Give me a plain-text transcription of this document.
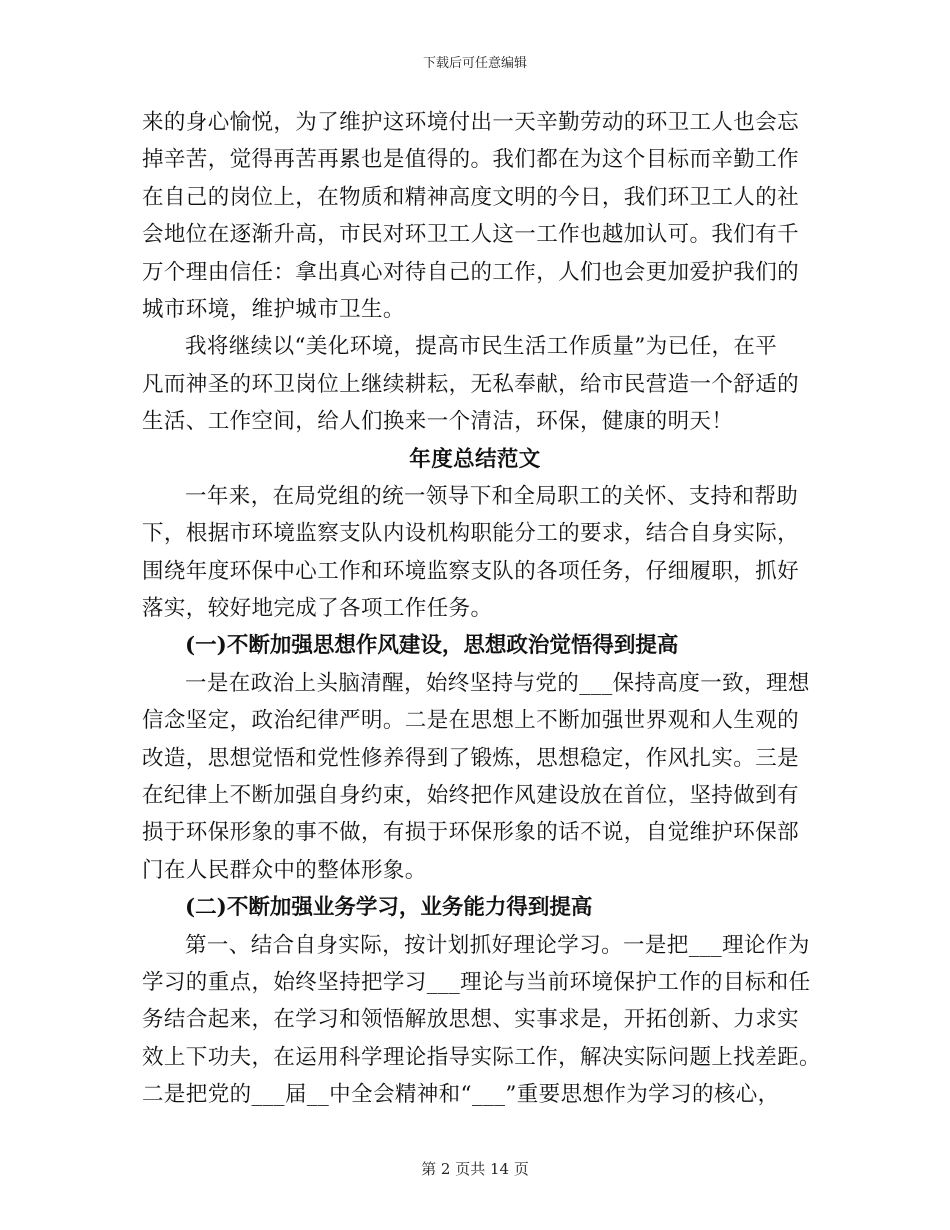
下载后可任意编辑
来的身心愉悦，为了维护这环境付出一天辛勤劳动的环卫工人也会忘
掉辛苦，觉得再苦再累也是值得的。我们都在为这个目标而辛勤工作
在自己的岗位上，在物质和精神高度文明的今日，我们环卫工人的社
会地位在逐渐升高，市民对环卫工人这一工作也越加认可。我们有千
万个理由信任：拿出真心对待自己的工作，人们也会更加爱护我们的
城市环境，维护城市卫生。
我将继续以“美化环境，提高市民生活工作质量”为已任，在平
凡而神圣的环卫岗位上继续耕耘，无私奉献，给市民营造一个舒适的
生活、工作空间，给人们换来一个清洁，环保，健康的明天！
年度总结范文
一年来，在局党组的统一领导下和全局职工的关怀、支持和帮助
下，根据市环境监察支队内设机构职能分工的要求，结合自身实际，
围绕年度环保中心工作和环境监察支队的各项任务，仔细履职，抓好
落实，较好地完成了各项工作任务。
(一)不断加强思想作风建设，思想政治觉悟得到提高
一是在政治上头脑清醒，始终坚持与党的___保持高度一致，理想
信念坚定，政治纪律严明。二是在思想上不断加强世界观和人生观的
改造，思想觉悟和党性修养得到了锻炼，思想稳定，作风扎实。三是
在纪律上不断加强自身约束，始终把作风建设放在首位，坚持做到有
损于环保形象的事不做，有损于环保形象的话不说，自觉维护环保部
门在人民群众中的整体形象。
(二)不断加强业务学习，业务能力得到提高
第一、结合自身实际，按计划抓好理论学习。一是把___理论作为
学习的重点，始终坚持把学习___理论与当前环境保护工作的目标和任
务结合起来，在学习和领悟解放思想、实事求是，开拓创新、力求实
效上下功夫，在运用科学理论指导实际工作，解决实际问题上找差距。
二是把党的___届__中全会精神和“___”重要思想作为学习的核心，
第 2 页共 14 页
